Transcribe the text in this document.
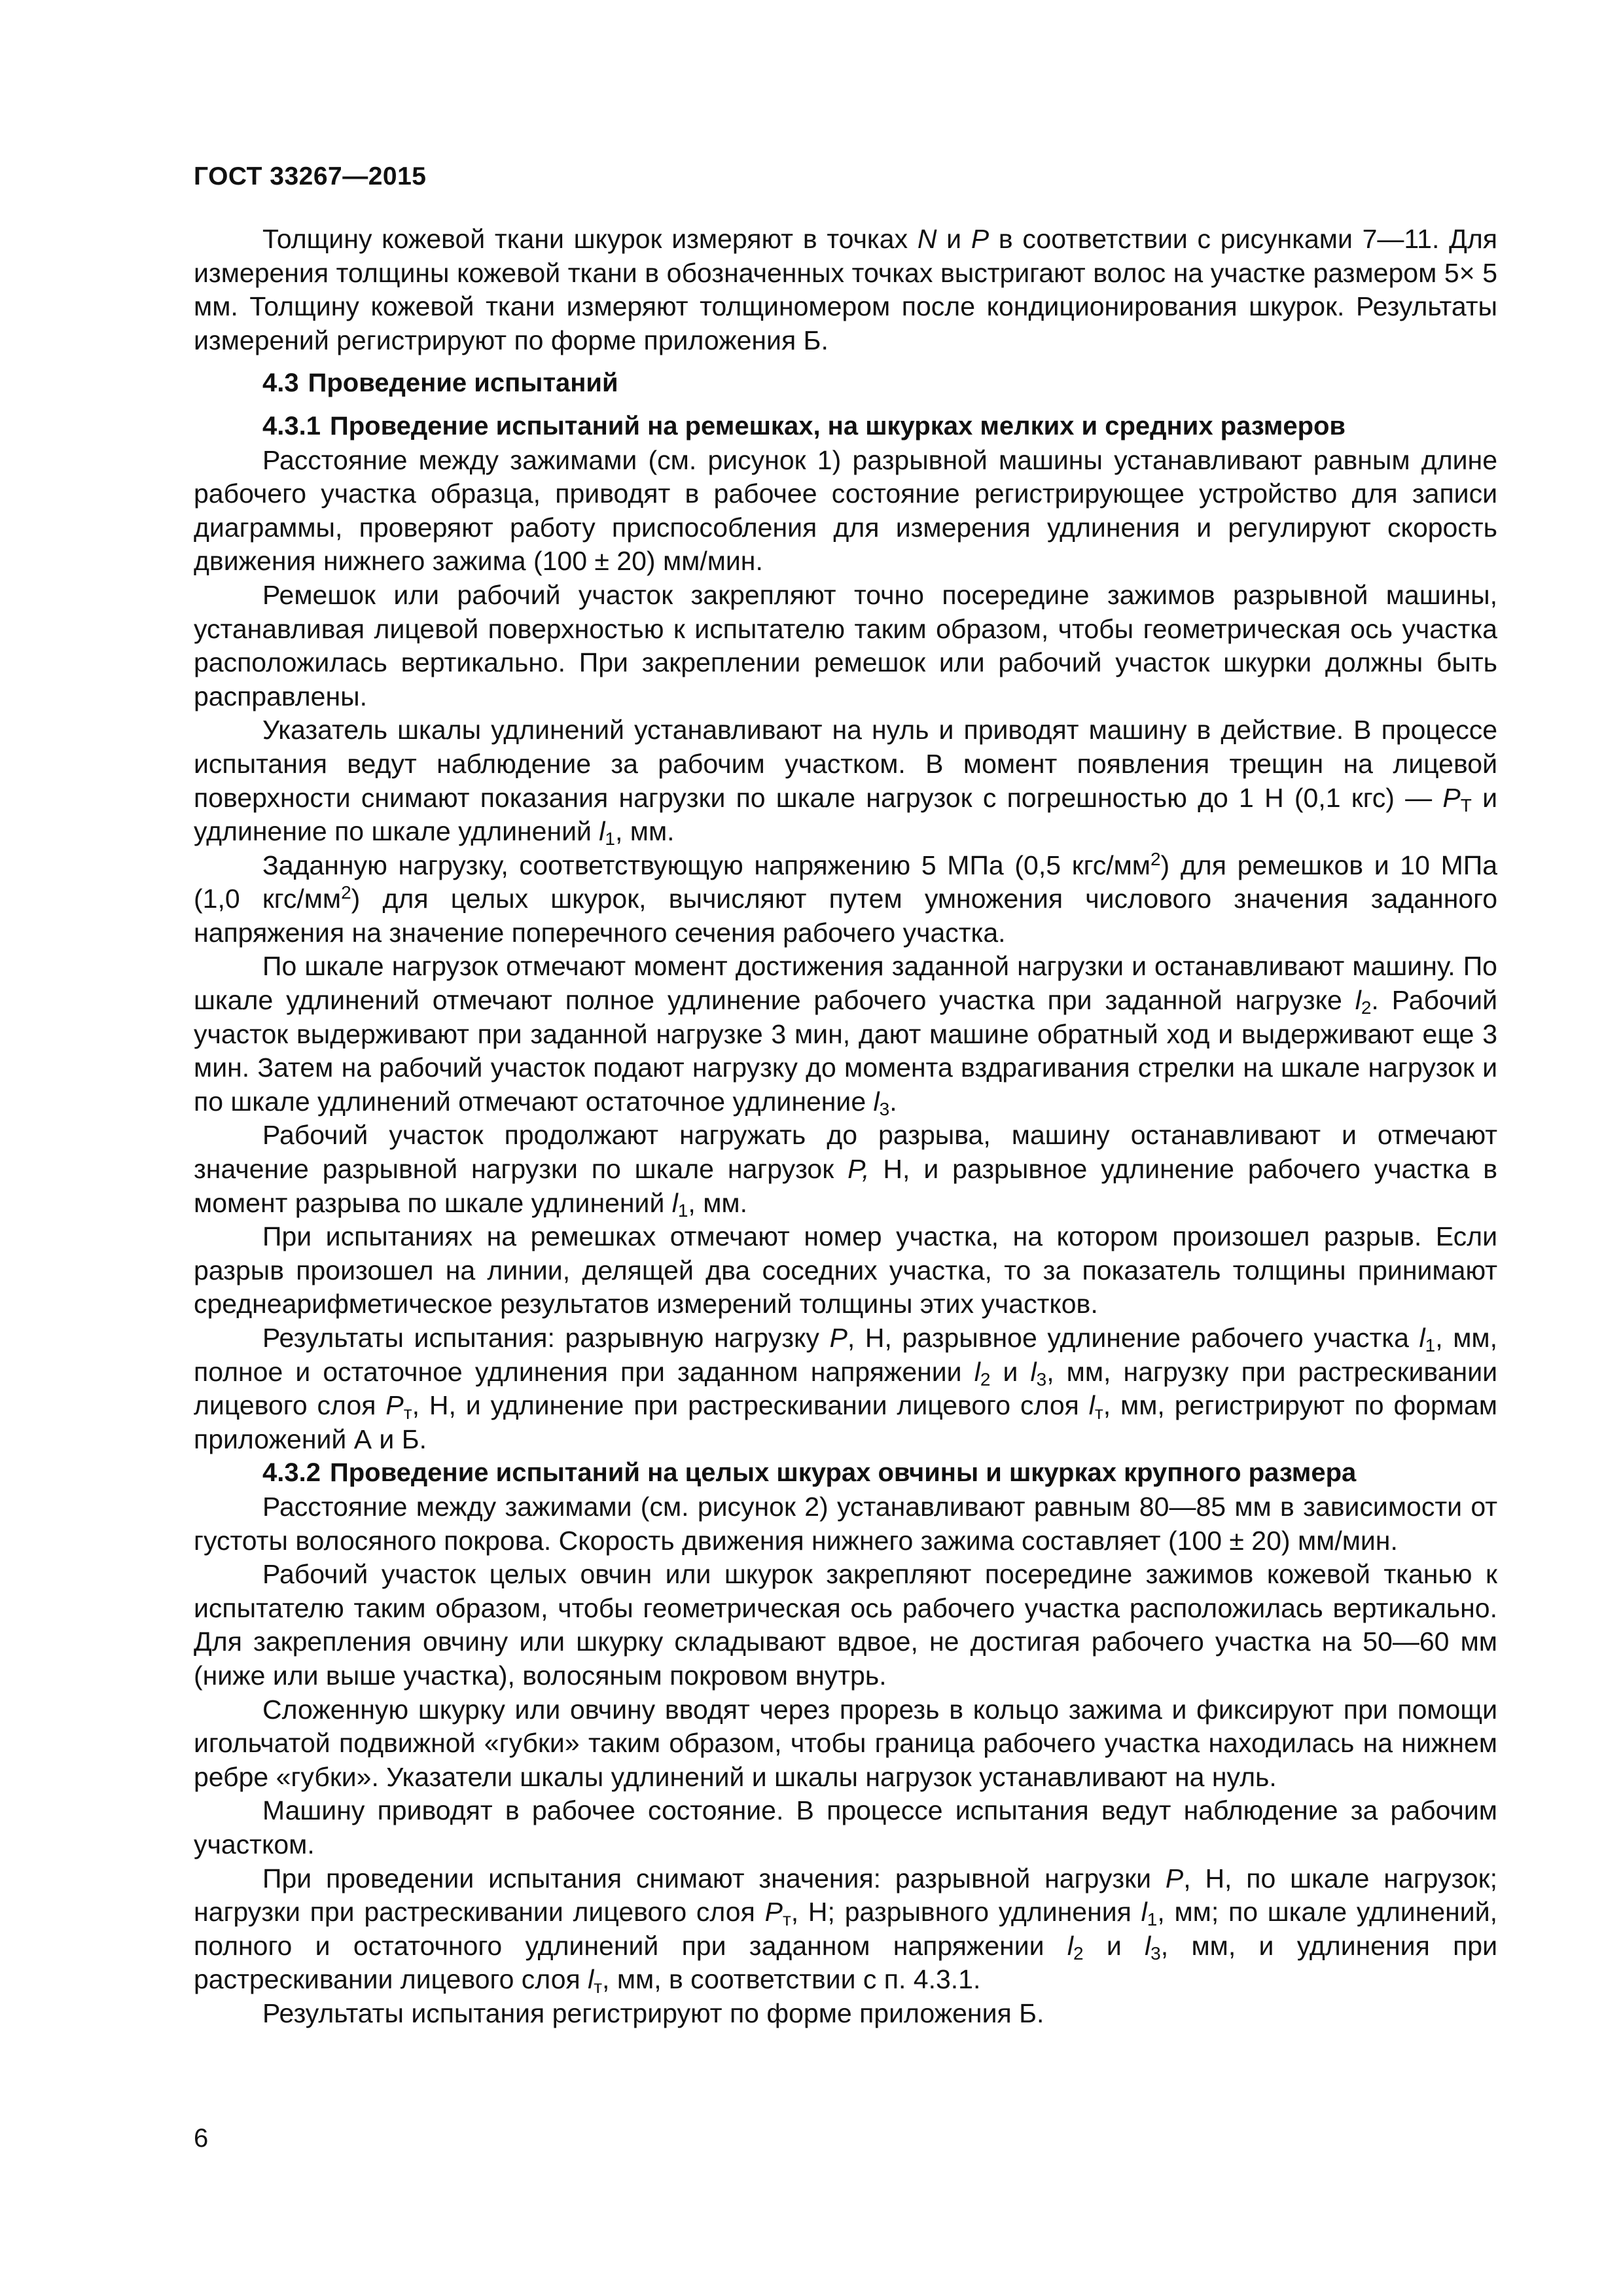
ГОСТ 33267—2015

Толщину кожевой ткани шкурок измеряют в точках N и P в соответствии с рисунками 7—11. Для измерения толщины кожевой ткани в обозначенных точках выстригают волос на участке размером 5× 5 мм. Толщину кожевой ткани измеряют толщиномером после кондиционирования шкурок. Результаты измерений регистрируют по форме приложения Б.

4.3 Проведение испытаний

4.3.1 Проведение испытаний на ремешках, на шкурках мелких и средних размеров

Расстояние между зажимами (см. рисунок 1) разрывной машины устанавливают равным длине рабочего участка образца, приводят в рабочее состояние регистрирующее устройство для записи диаграммы, проверяют работу приспособления для измерения удлинения и регулируют скорость движения нижнего зажима (100 ± 20) мм/мин.

Ремешок или рабочий участок закрепляют точно посередине зажимов разрывной машины, устанавливая лицевой поверхностью к испытателю таким образом, чтобы геометрическая ось участка расположилась вертикально. При закреплении ремешок или рабочий участок шкурки должны быть расправлены.

Указатель шкалы удлинений устанавливают на нуль и приводят машину в действие. В процессе испытания ведут наблюдение за рабочим участком. В момент появления трещин на лицевой поверхности снимают показания нагрузки по шкале нагрузок с погрешностью до 1 Н (0,1 кгс) — $P_Т$ и удлинение по шкале удлинений $l_1$, мм.

Заданную нагрузку, соответствующую напряжению 5 МПа (0,5 кгс/$мм^2$) для ремешков и 10 МПа (1,0 кгс/$мм^2$) для целых шкурок, вычисляют путем умножения числового значения заданного напряжения на значение поперечного сечения рабочего участка.

По шкале нагрузок отмечают момент достижения заданной нагрузки и останавливают машину. По шкале удлинений отмечают полное удлинение рабочего участка при заданной нагрузке $l_2$. Рабочий участок выдерживают при заданной нагрузке 3 мин, дают машине обратный ход и выдерживают еще 3 мин. Затем на рабочий участок подают нагрузку до момента вздрагивания стрелки на шкале нагрузок и по шкале удлинений отмечают остаточное удлинение $l_3$.

Рабочий участок продолжают нагружать до разрыва, машину останавливают и отмечают значение разрывной нагрузки по шкале нагрузок P, Н, и разрывное удлинение рабочего участка в момент разрыва по шкале удлинений $l_1$, мм.

При испытаниях на ремешках отмечают номер участка, на котором произошел разрыв. Если разрыв произошел на линии, делящей два соседних участка, то за показатель толщины принимают среднеарифметическое результатов измерений толщины этих участков.

Результаты испытания: разрывную нагрузку P, Н, разрывное удлинение рабочего участка $l_1$, мм, полное и остаточное удлинения при заданном напряжении $l_2$ и $l_3$, мм, нагрузку при растрескивании лицевого слоя $P_т$, Н, и удлинение при растрескивании лицевого слоя $l_т$, мм, регистрируют по формам приложений А и Б.

4.3.2 Проведение испытаний на целых шкурах овчины и шкурках крупного размера

Расстояние между зажимами (см. рисунок 2) устанавливают равным 80—85 мм в зависимости от густоты волосяного покрова. Скорость движения нижнего зажима составляет (100 ± 20) мм/мин.

Рабочий участок целых овчин или шкурок закрепляют посередине зажимов кожевой тканью к испытателю таким образом, чтобы геометрическая ось рабочего участка расположилась вертикально. Для закрепления овчину или шкурку складывают вдвое, не достигая рабочего участка на 50—60 мм (ниже или выше участка), волосяным покровом внутрь.

Сложенную шкурку или овчину вводят через прорезь в кольцо зажима и фиксируют при помощи игольчатой подвижной «губки» таким образом, чтобы граница рабочего участка находилась на нижнем ребре «губки». Указатели шкалы удлинений и шкалы нагрузок устанавливают на нуль.

Машину приводят в рабочее состояние. В процессе испытания ведут наблюдение за рабочим участком.

При проведении испытания снимают значения: разрывной нагрузки P, Н, по шкале нагрузок; нагрузки при растрескивании лицевого слоя $P_т$, Н; разрывного удлинения $l_1$, мм; по шкале удлинений, полного и остаточного удлинений при заданном напряжении $l_2$ и $l_3$, мм, и удлинения при растрескивании лицевого слоя $l_т$, мм, в соответствии с п. 4.3.1.

Результаты испытания регистрируют по форме приложения Б.

6
